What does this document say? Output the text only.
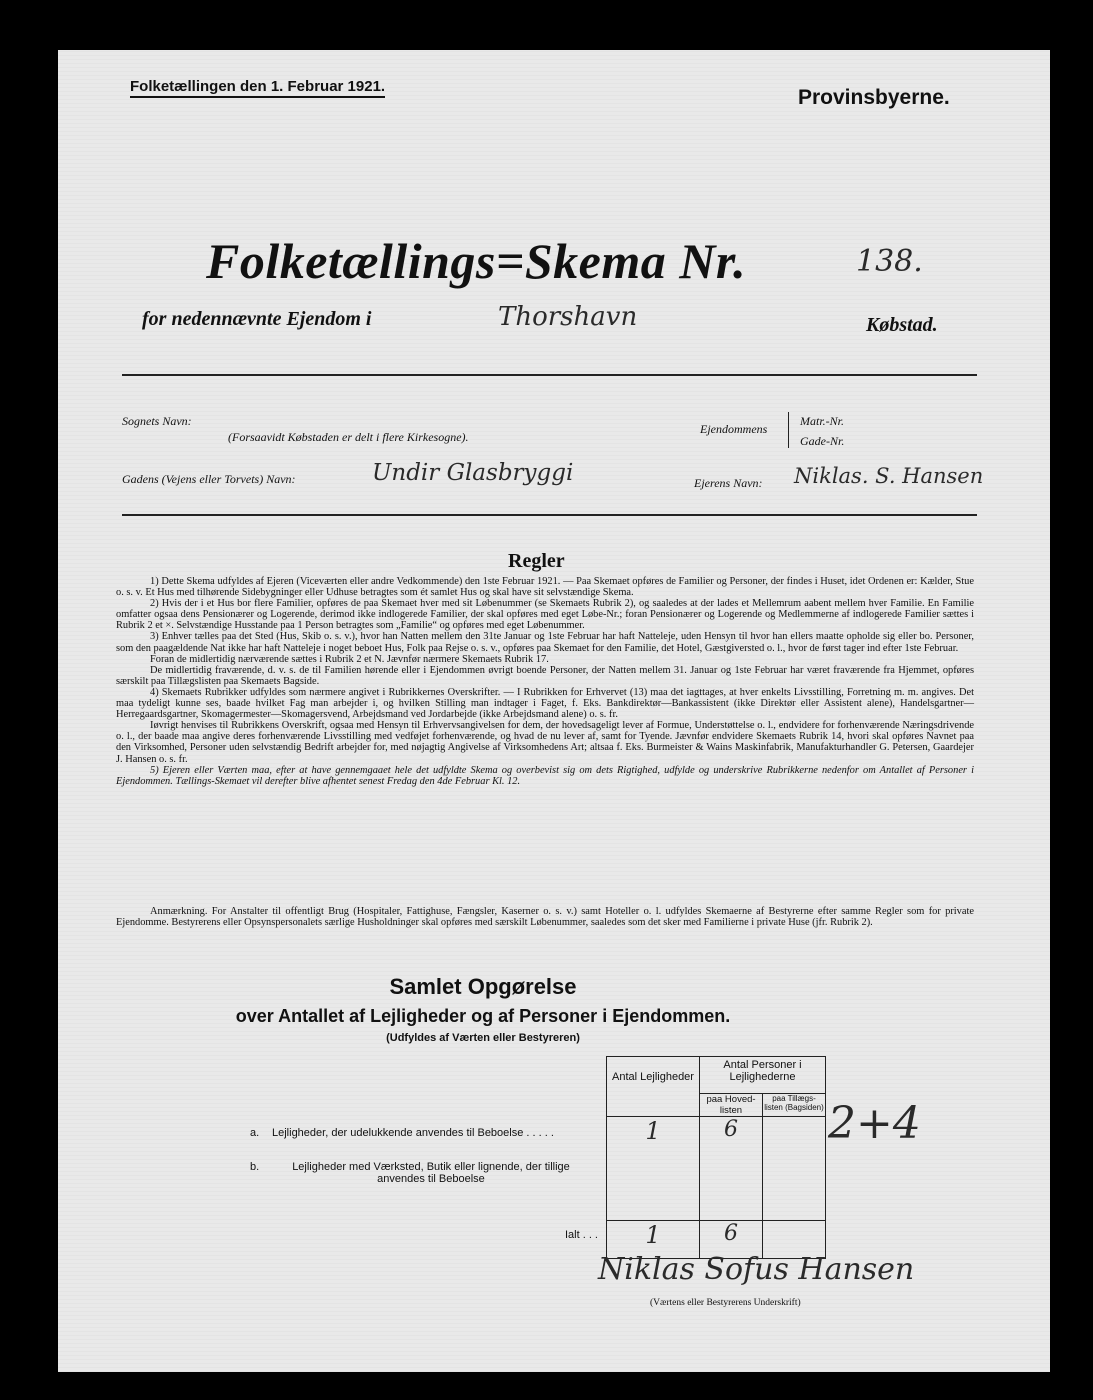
Folketællingen den 1. Februar 1921.	Provinsbyerne.
Folketællings=Skema Nr.	138.
for nedennævnte Ejendom i	Thorshavn	Købstad.
Sognets Navn:
(Forsaavidt Købstaden er delt i flere Kirkesogne).
Ejendommens
Matr.-Nr.
Gade-Nr.
Gadens (Vejens eller Torvets) Navn:	Undir Glasbryggi	Ejerens Navn: Niklas. S. Hansen
Regler

1) Dette Skema udfyldes af Ejeren (Viceværten eller andre Vedkommende) den 1ste Februar 1921. — Paa Skemaet opføres de Familier og Personer, der findes i Huset, idet Ordenen er: Kælder, Stue o. s. v. Et Hus med tilhørende Sidebygninger eller Udhuse betragtes som ét samlet Hus og skal have sit selvstændige Skema.

2) Hvis der i et Hus bor flere Familier, opføres de paa Skemaet hver med sit Løbenummer (se Skemaets Rubrik 2), og saaledes at der lades et Mellemrum aabent mellem hver Familie. En Familie omfatter ogsaa dens Pensionærer og Logerende, derimod ikke indlogerede Familier, der skal opføres med eget Løbe-Nr.; foran Pensionærer og Logerende og Medlemmerne af indlogerede Familier sættes i Rubrik 2 et ×. Selvstændige Husstande paa 1 Person betragtes som „Familie“ og opføres med eget Løbenummer.

3) Enhver tælles paa det Sted (Hus, Skib o. s. v.), hvor han Natten mellem den 31te Januar og 1ste Februar har haft Natteleje, uden Hensyn til hvor han ellers maatte opholde sig eller bo. Personer, som den paagældende Nat ikke har haft Natteleje i noget beboet Hus, Folk paa Rejse o. s. v., opføres paa Skemaet for den Familie, det Hotel, Gæstgiversted o. l., hvor de først tager ind efter 1ste Februar.

Foran de midlertidig nærværende sættes i Rubrik 2 et N. Jævnfør nærmere Skemaets Rubrik 17.

De midlertidig fraværende, d. v. s. de til Familien hørende eller i Ejendommen øvrigt boende Personer, der Natten mellem 31. Januar og 1ste Februar har været fraværende fra Hjemmet, opføres særskilt paa Tillægslisten paa Skemaets Bagside.

4) Skemaets Rubrikker udfyldes som nærmere angivet i Rubrikkernes Overskrifter. — I Rubrikken for Erhvervet (13) maa det iagttages, at hver enkelts Livsstilling, Forretning m. m. angives. Det maa tydeligt kunne ses, baade hvilket Fag man arbejder i, og hvilken Stilling man indtager i Faget, f. Eks. Bankdirektør—Bankassistent (ikke Direktør eller Assistent alene), Handelsgartner—Herregaardsgartner, Skomagermester—Skomagersvend, Arbejdsmand ved Jordarbejde (ikke Arbejdsmand alene) o. s. fr.

Iøvrigt henvises til Rubrikkens Overskrift, ogsaa med Hensyn til Erhvervsangivelsen for dem, der hovedsageligt lever af Formue, Understøttelse o. l., endvidere for forhenværende Næringsdrivende o. l., der baade maa angive deres forhenværende Livsstilling med vedføjet forhenværende, og hvad de nu lever af, samt for Tyende. Jævnfør endvidere Skemaets Rubrik 14, hvori skal opføres Navnet paa den Virksomhed, Personer uden selvstændig Bedrift arbejder for, med nøjagtig Angivelse af Virksomhedens Art; altsaa f. Eks. Burmeister & Wains Maskinfabrik, Manufakturhandler G. Petersen, Gaardejer J. Hansen o. s. fr.

5) Ejeren eller Værten maa, efter at have gennemgaaet hele det udfyldte Skema og overbevist sig om dets Rigtighed, udfylde og underskrive Rubrikkerne nedenfor om Antallet af Personer i Ejendommen. Tællings-Skemaet vil derefter blive afhentet senest Fredag den 4de Februar Kl. 12.

Anmærkning. For Anstalter til offentligt Brug (Hospitaler, Fattighuse, Fængsler, Kaserner o. s. v.) samt Hoteller o. l. udfyldes Skemaerne af Bestyrerne efter samme Regler som for private Ejendomme. Bestyrerens eller Opsynspersonalets særlige Husholdninger skal opføres med særskilt Løbenummer, saaledes som det sker med Familierne i private Huse (jfr. Rubrik 2).

Samlet Opgørelse
over Antallet af Lejligheder og af Personer i Ejendommen.
(Udfyldes af Værten eller Bestyreren)
	Antal Lejligheder	Antal Personer i Lejlighederne	
		paa Hoved-listen	paa Tillægs-listen (Bagsiden)
a. Lejligheder, der udelukkende anvendes til Beboelse . . . . .	1	6	

b. Lejligheder med Værksted, Butik eller lignende, der tillige anvendes til Beboelse			

Ialt . . .	1	6	
2+4
Niklas Sofus Hansen
(Værtens eller Bestyrerens Underskrift)
